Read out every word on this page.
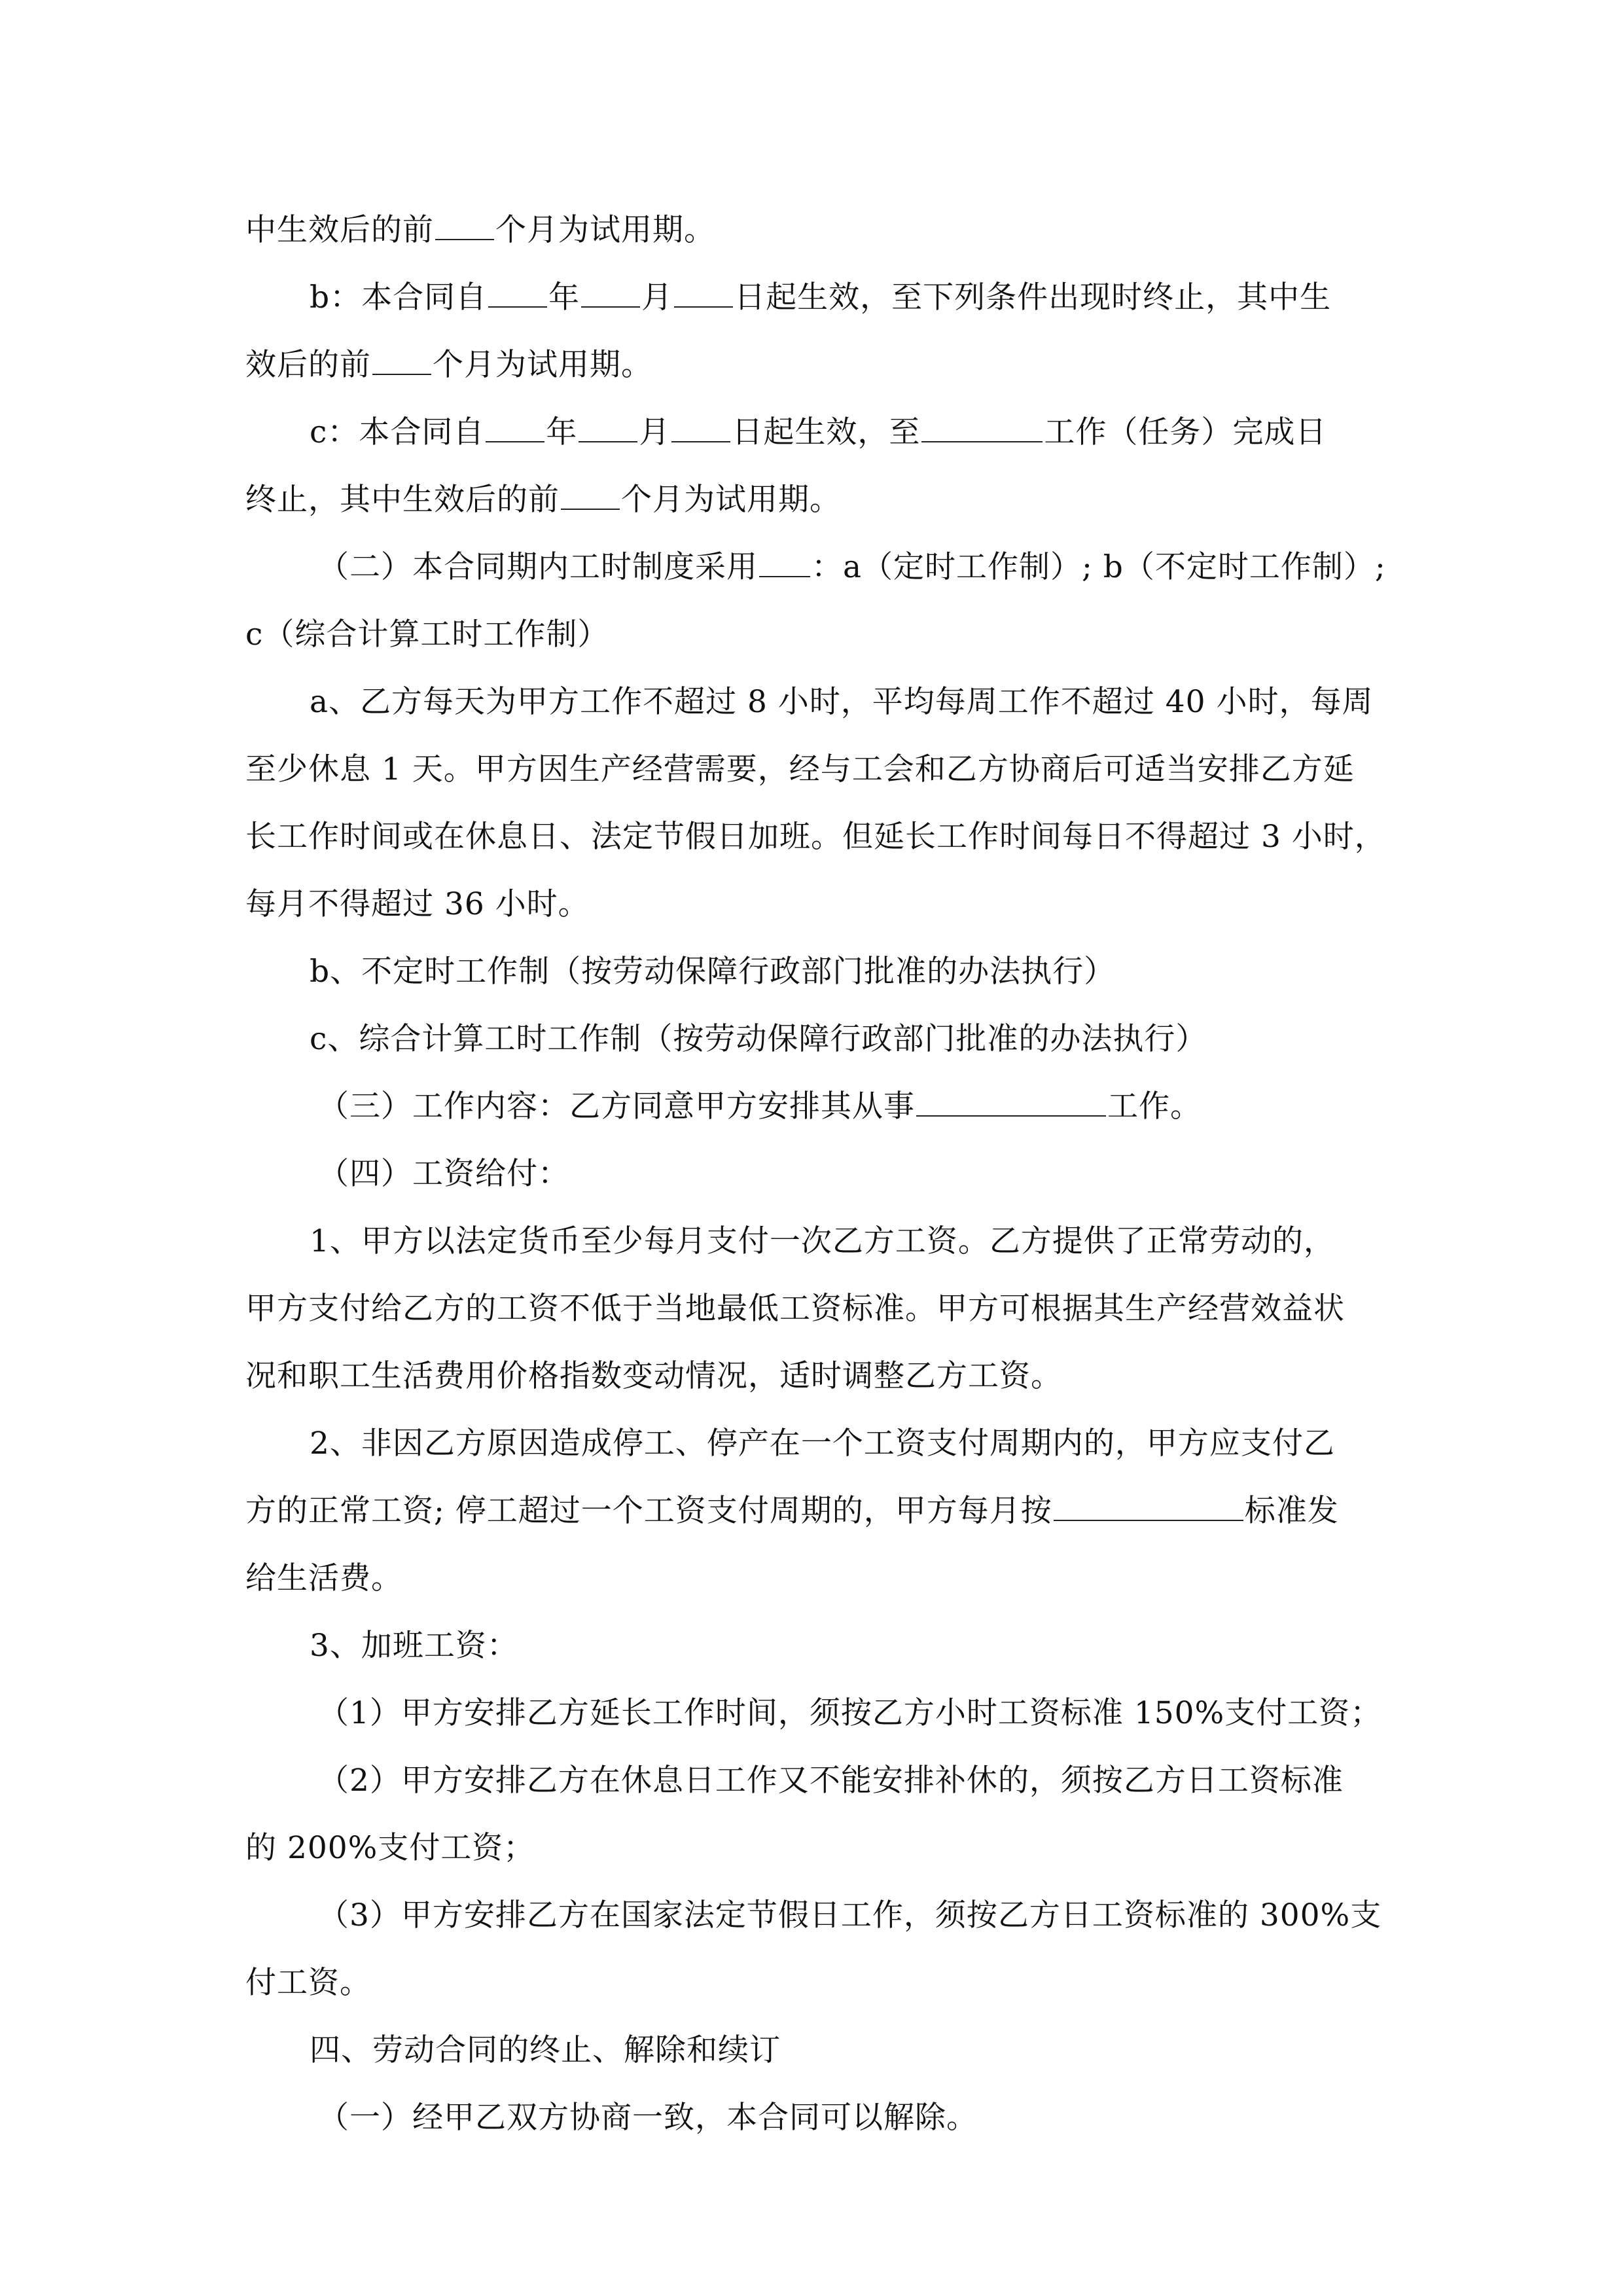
中生效后的前 个月为试用期。
b：本合同自 年 月 日起生效，至下列条件出现时终止，其中生
效后的前 个月为试用期。
c：本合同自 年 月 日起生效，至	工作（任务）完成日
终止，其中生效后的前 个月为试用期。
（二）本合同期内工时制度采用 ：a（定时工作制）; b（不定时工作制）;
c（综合计算工时工作制）
a、乙方每天为甲方工作不超过 8 小时，平均每周工作不超过 40 小时，每周
至少休息 1 天。甲方因生产经营需要，经与工会和乙方协商后可适当安排乙方延
长工作时间或在休息日、法定节假日加班。但延长工作时间每日不得超过 3 小时，
每月不得超过 36 小时。
b、不定时工作制（按劳动保障行政部门批准的办法执行）
c、综合计算工时工作制（按劳动保障行政部门批准的办法执行）
（三）工作内容：乙方同意甲方安排其从事	工作。
（四）工资给付：
1、甲方以法定货币至少每月支付一次乙方工资。乙方提供了正常劳动的，
甲方支付给乙方的工资不低于当地最低工资标准。甲方可根据其生产经营效益状
况和职工生活费用价格指数变动情况，适时调整乙方工资。
2、非因乙方原因造成停工、停产在一个工资支付周期内的，甲方应支付乙
方的正常工资; 停工超过一个工资支付周期的，甲方每月按	标准发
给生活费。
3、加班工资：
（1）甲方安排乙方延长工作时间，须按乙方小时工资标准 150%支付工资；
（2）甲方安排乙方在休息日工作又不能安排补休的，须按乙方日工资标准
的 200%支付工资；
（3）甲方安排乙方在国家法定节假日工作，须按乙方日工资标准的 300%支
付工资。
四、劳动合同的终止、解除和续订
（一）经甲乙双方协商一致，本合同可以解除。
